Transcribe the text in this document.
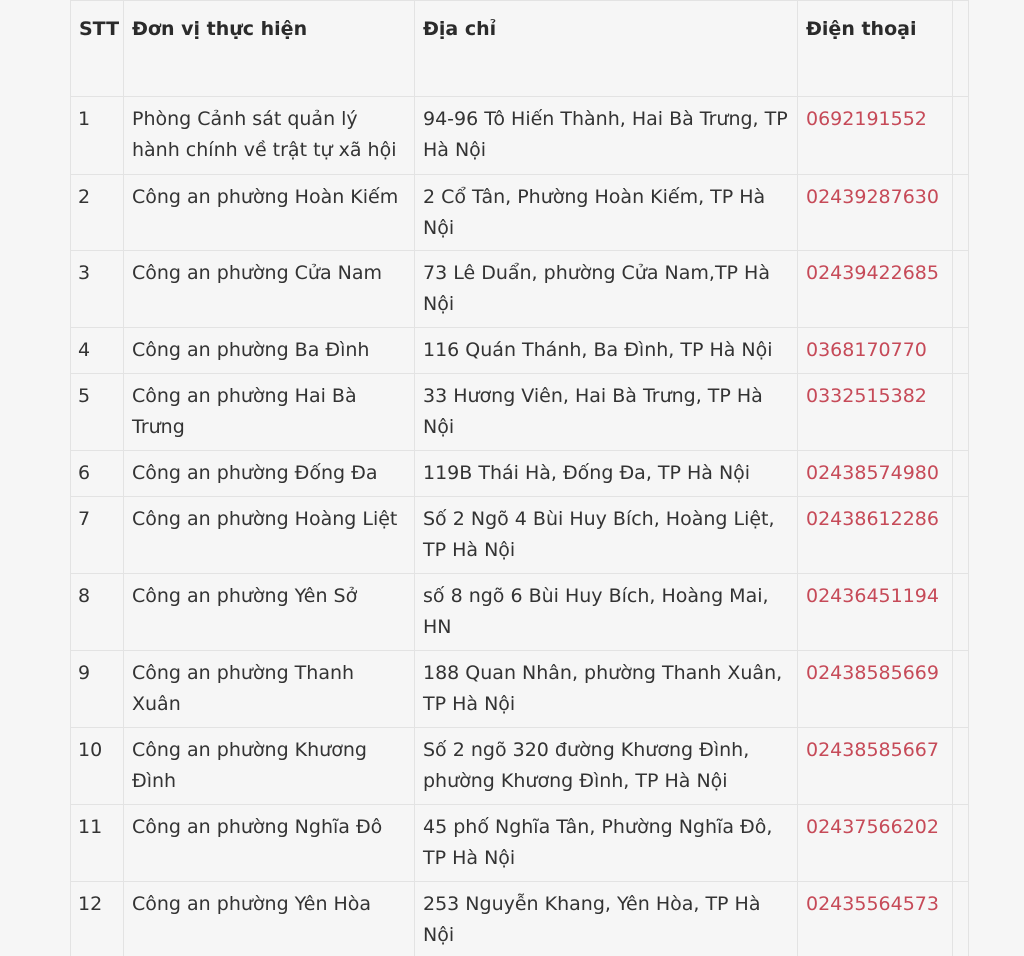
STT	Đơn vị thực hiện	Địa chỉ	Điện thoại	
1	Phòng Cảnh sát quản lý hành chính về trật tự xã hội	94-96 Tô Hiến Thành, Hai Bà Trưng, TP Hà Nội	0692191552	
2	Công an phường Hoàn Kiếm	2 Cổ Tân, Phường Hoàn Kiếm, TP Hà Nội	02439287630	
3	Công an phường Cửa Nam	73 Lê Duẩn, phường Cửa Nam,TP Hà Nội	02439422685	
4	Công an phường Ba Đình	116 Quán Thánh, Ba Đình, TP Hà Nội	0368170770	
5	Công an phường Hai Bà Trưng	33 Hương Viên, Hai Bà Trưng, TP Hà Nội	0332515382	
6	Công an phường Đống Đa	119B Thái Hà, Đống Đa, TP Hà Nội	02438574980	
7	Công an phường Hoàng Liệt	Số 2 Ngõ 4 Bùi Huy Bích, Hoàng Liệt, TP Hà Nội	02438612286	
8	Công an phường Yên Sở	số 8 ngõ 6 Bùi Huy Bích, Hoàng Mai, HN	02436451194	
9	Công an phường Thanh Xuân	188 Quan Nhân, phường Thanh Xuân, TP Hà Nội	02438585669	
10	Công an phường Khương Đình	Số 2 ngõ 320 đường Khương Đình, phường Khương Đình, TP Hà Nội	02438585667	
11	Công an phường Nghĩa Đô	45 phố Nghĩa Tân, Phường Nghĩa Đô, TP Hà Nội	02437566202	
12	Công an phường Yên Hòa	253 Nguyễn Khang, Yên Hòa, TP Hà Nội	02435564573	
